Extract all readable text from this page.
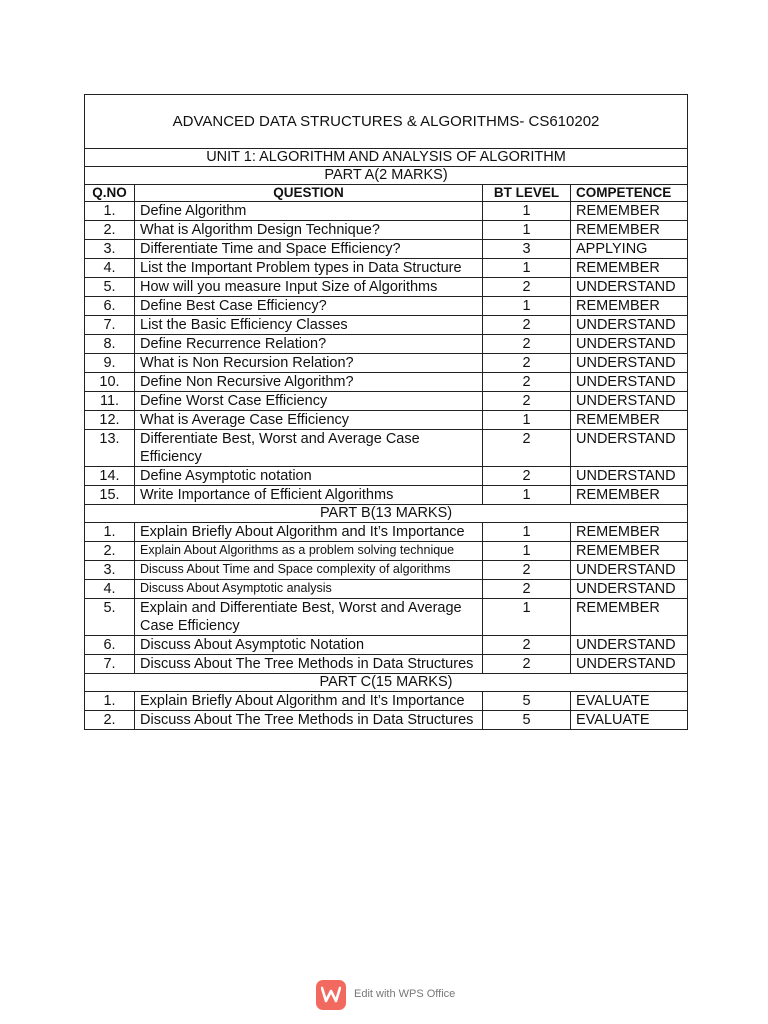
ADVANCED DATA STRUCTURES & ALGORITHMS- CS610202			
UNIT 1: ALGORITHM AND ANALYSIS OF ALGORITHM			
PART A(2 MARKS)			
Q.NO	QUESTION	BT LEVEL	COMPETENCE
1.	Define Algorithm	1	REMEMBER
2.	What is Algorithm Design Technique?	1	REMEMBER
3.	Differentiate Time and Space Efficiency?	3	APPLYING
4.	List the Important Problem types in Data Structure	1	REMEMBER
5.	How will you measure Input Size of Algorithms	2	UNDERSTAND
6.	Define Best Case Efficiency?	1	REMEMBER
7.	List the Basic Efficiency Classes	2	UNDERSTAND
8.	Define Recurrence Relation?	2	UNDERSTAND
9.	What is Non Recursion Relation?	2	UNDERSTAND
10.	Define Non Recursive Algorithm?	2	UNDERSTAND
11.	Define Worst Case Efficiency	2	UNDERSTAND
12.	What is Average Case Efficiency	1	REMEMBER
13.	Differentiate Best, Worst and Average Case Efficiency	2	UNDERSTAND
14.	Define Asymptotic notation	2	UNDERSTAND
15.	Write Importance of Efficient Algorithms	1	REMEMBER
PART B(13 MARKS)			
1.	Explain Briefly About Algorithm and It’s Importance	1	REMEMBER
2.	Explain About Algorithms as a problem solving technique	1	REMEMBER
3.	Discuss About Time and Space complexity of algorithms	2	UNDERSTAND
4.	Discuss About Asymptotic analysis	2	UNDERSTAND
5.	Explain and Differentiate Best, Worst and Average Case Efficiency	1	REMEMBER
6.	Discuss About Asymptotic Notation	2	UNDERSTAND
7.	Discuss About The Tree Methods in Data Structures	2	UNDERSTAND
PART C(15 MARKS)			
1.	Explain Briefly About Algorithm and It’s Importance	5	EVALUATE
2.	Discuss About The Tree Methods in Data Structures	5	EVALUATE
Edit with WPS Office
